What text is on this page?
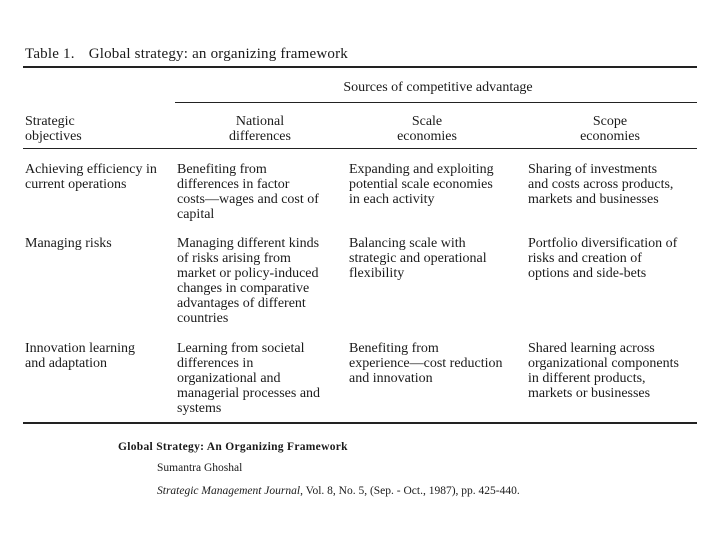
Table 1. Global strategy: an organizing framework
Sources of competitive advantage
Strategic
objectives
National
differences
Scale
economies
Scope
economies
Achieving efficiency in
current operations
Benefiting from
differences in factor
costs—wages and cost of
capital
Expanding and exploiting
potential scale economies
in each activity
Sharing of investments
and costs across products,
markets and businesses
Managing risks	Managing different kinds
of risks arising from
market or policy-induced
changes in comparative
advantages of different
countries
Balancing scale with
strategic and operational
flexibility
Portfolio diversification of
risks and creation of
options and side-bets
Innovation learning
and adaptation
Learning from societal
differences in
organizational and
managerial processes and
systems
Benefiting from
experience—cost reduction
and innovation
Shared learning across
organizational components
in different products,
markets or businesses
Global Strategy: An Organizing Framework
Sumantra Ghoshal
Strategic Management Journal, Vol. 8, No. 5, (Sep. - Oct., 1987), pp. 425-440.
